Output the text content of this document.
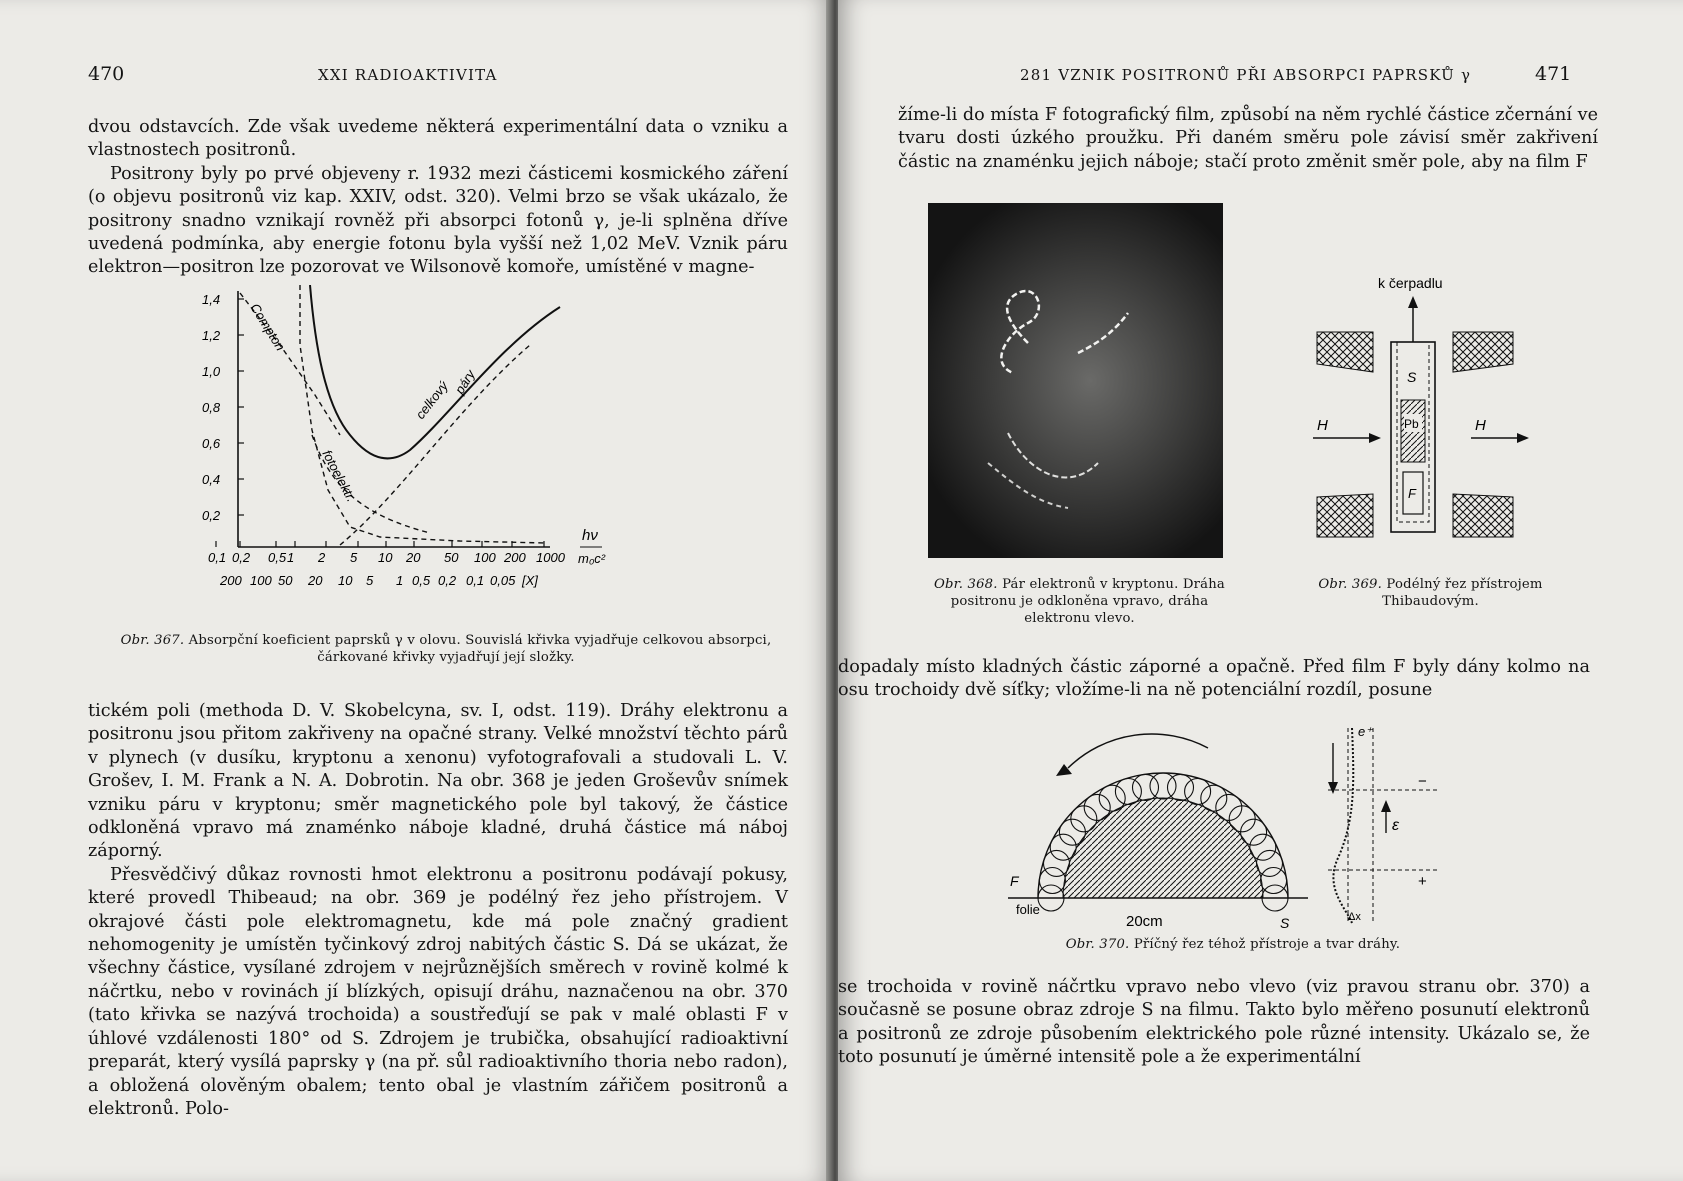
470	XXI RADIOAKTIVITA

dvou odstavcích. Zde však uvedeme některá experimentální data o vzniku a vlastnostech positronů.

Positrony byly po prvé objeveny r. 1932 mezi částicemi kosmického záření (o objevu positronů viz kap. XXIV, odst. 320). Velmi brzo se však ukázalo, že positrony snadno vznikají rovněž při absorpci fotonů γ, je-li splněna dříve uvedená podmínka, aby energie fotonu byla vyšší než 1,02 MeV. Vznik páru elektron—positron lze pozorovat ve Wilsonově komoře, umístěné v magne-

1,4
1,2
1,0
0,8
0,6
0,4
0,2
0,1 0,2 0,5 1 2 5 10 20 50 100 200 1000
200 100 50 20 10 5 1 0,5 0,2 0,1 0,05 [X]
Compton
celkový páry
fotoelektr.
hν
m₀c²
Obr. 367. Absorpční koeficient paprsků γ v olovu. Souvislá křivka vyjadřuje celkovou absorpci, čárkované křivky vyjadřují její složky.

tickém poli (methoda D. V. Skobelcyna, sv. I, odst. 119). Dráhy elektronu a positronu jsou přitom zakřiveny na opačné strany. Velké množství těchto párů v plynech (v dusíku, kryptonu a xenonu) vyfotografovali a studovali L. V. Grošev, I. M. Frank a N. A. Dobrotin. Na obr. 368 je jeden Groševův snímek vzniku páru v kryptonu; směr magnetického pole byl takový, že částice odkloněná vpravo má znaménko náboje kladné, druhá částice má náboj záporný.

Přesvědčivý důkaz rovnosti hmot elektronu a positronu podávají pokusy, které provedl Thibeaud; na obr. 369 je podélný řez jeho přístrojem. V okrajové části pole elektromagnetu, kde má pole značný gradient nehomogenity je umístěn tyčinkový zdroj nabitých částic S. Dá se ukázat, že všechny částice, vysílané zdrojem v nejrůznějších směrech v rovině kolmé k náčrtku, nebo v rovinách jí blízkých, opisují dráhu, naznačenou na obr. 370 (tato křivka se nazývá trochoida) a soustřeďují se pak v malé oblasti F v úhlové vzdálenosti 180° od S. Zdrojem je trubička, obsahující radioaktivní preparát, který vysílá paprsky γ (na př. sůl radioaktivního thoria nebo radon), a obložená olověným obalem; tento obal je vlastním zářičem positronů a elektronů. Polo-

281 VZNIK POSITRONŮ PŘI ABSORPCI PAPRSKŮ γ	471

žíme-li do místa F fotografický film, způsobí na něm rychlé částice zčernání ve tvaru dosti úzkého proužku. Při daném směru pole závisí směr zakřivení částic na znaménku jejich náboje; stačí proto změnit směr pole, aby na film F

Obr. 368. Pár elektronů v kryptonu. Dráha positronu je odkloněna vpravo, dráha elektronu vlevo.
k čerpadlu
S
Pb
F
H	H
Obr. 369. Podélný řez přístrojem Thibaudovým.

dopadaly místo kladných částic záporné a opačně. Před film F byly dány kolmo na osu trochoidy dvě síťky; vložíme-li na ně potenciální rozdíl, posune

F
folie
20cm	S
e⁺
−
+
ε
Δx
Obr. 370. Příčný řez téhož přístroje a tvar dráhy.

se trochoida v rovině náčrtku vpravo nebo vlevo (viz pravou stranu obr. 370) a současně se posune obraz zdroje S na filmu. Takto bylo měřeno posunutí elektronů a positronů ze zdroje působením elektrického pole různé intensity. Ukázalo se, že toto posunutí je úměrné intensitě pole a že experimentální
